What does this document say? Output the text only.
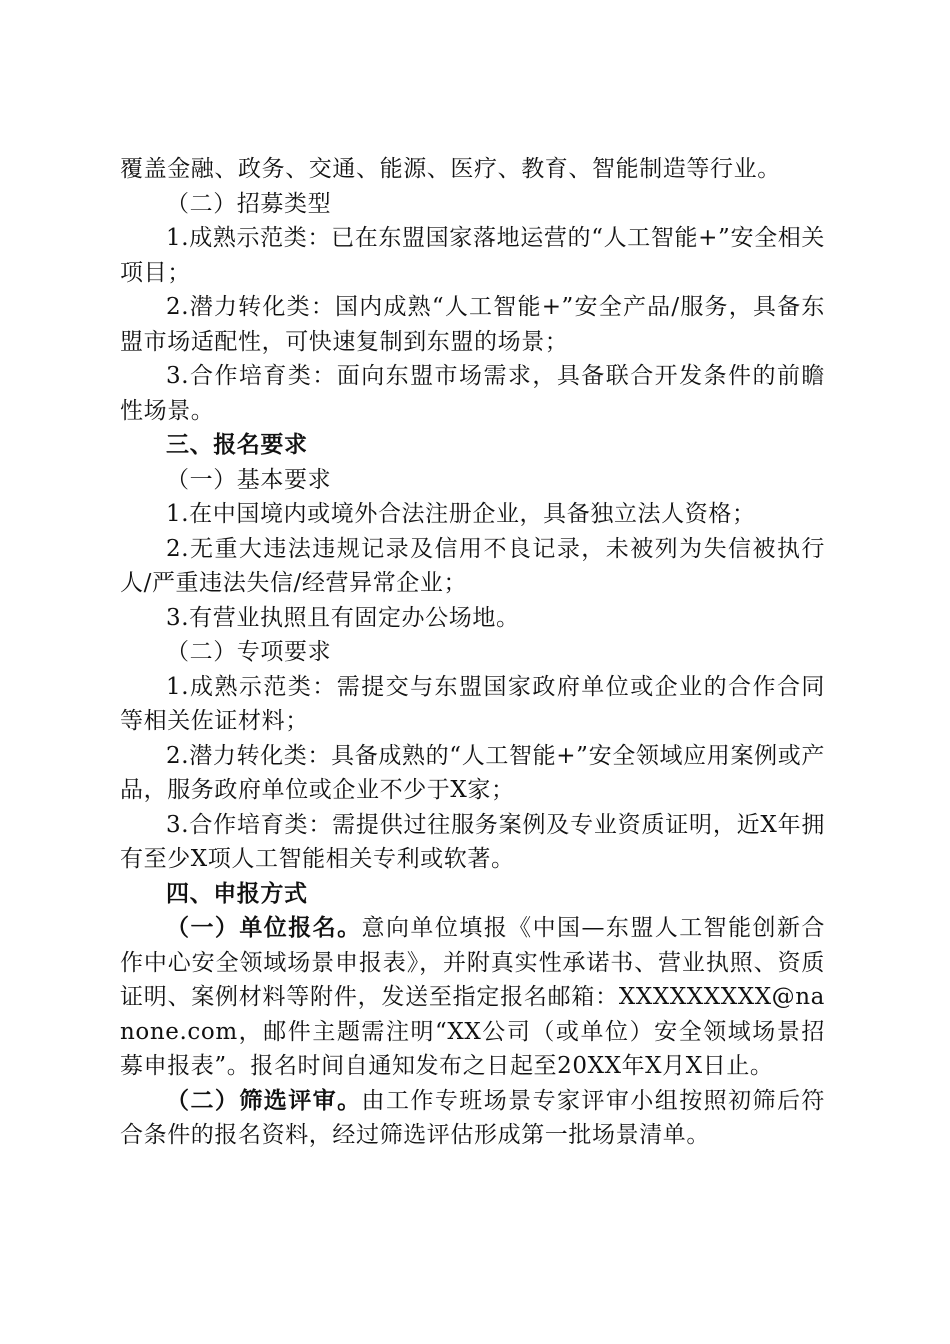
覆盖金融、政务、交通、能源、医疗、教育、智能制造等行业。

（二）招募类型

1.成熟示范类：已在东盟国家落地运营的“人工智能+”安全相关项目；

2.潜力转化类：国内成熟“人工智能+”安全产品/服务，具备东盟市场适配性，可快速复制到东盟的场景；

3.合作培育类：面向东盟市场需求，具备联合开发条件的前瞻性场景。

三、报名要求

（一）基本要求

1.在中国境内或境外合法注册企业，具备独立法人资格；

2.无重大违法违规记录及信用不良记录，未被列为失信被执行人/严重违法失信/经营异常企业；

3.有营业执照且有固定办公场地。

（二）专项要求

1.成熟示范类：需提交与东盟国家政府单位或企业的合作合同等相关佐证材料；

2.潜力转化类：具备成熟的“人工智能+”安全领域应用案例或产品，服务政府单位或企业不少于X家；

3.合作培育类：需提供过往服务案例及专业资质证明，近X年拥有至少X项人工智能相关专利或软著。

四、申报方式

（一）单位报名。意向单位填报《中国—东盟人工智能创新合作中心安全领域场景申报表》，并附真实性承诺书、营业执照、资质证明、案例材料等附件，发送至指定报名邮箱：XXXXXXXXX@nanone.com，邮件主题需注明“XX公司（或单位）安全领域场景招募申报表”。报名时间自通知发布之日起至20XX年X月X日止。

（二）筛选评审。由工作专班场景专家评审小组按照初筛后符合条件的报名资料，经过筛选评估形成第一批场景清单。
